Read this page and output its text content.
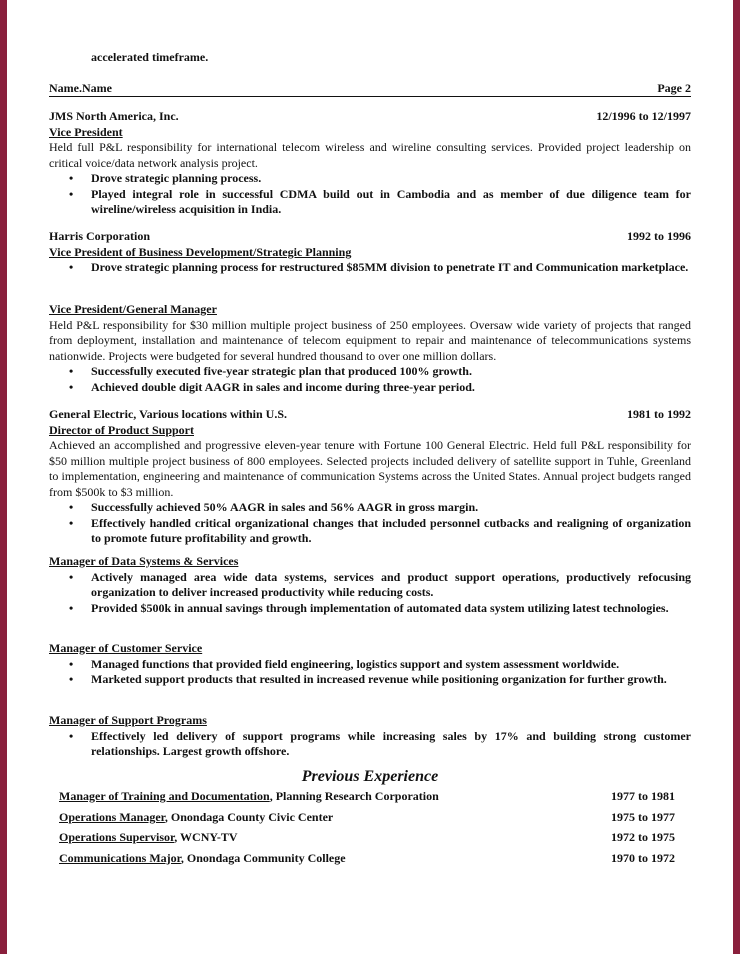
accelerated timeframe.
Name.Name	Page 2
JMS North America, Inc.	12/1996 to 12/1997
Vice President
Held full P&L responsibility for international telecom wireless and wireline consulting services. Provided project leadership on critical voice/data network analysis project.
• Drove strategic planning process.
• Played integral role in successful CDMA build out in Cambodia and as member of due diligence team for wireline/wireless acquisition in India.
Harris Corporation	1992 to 1996
Vice President of Business Development/Strategic Planning
• Drove strategic planning process for restructured $85MM division to penetrate IT and Communication marketplace.
Vice President/General Manager
Held P&L responsibility for $30 million multiple project business of 250 employees. Oversaw wide variety of projects that ranged from deployment, installation and maintenance of telecom equipment to repair and maintenance of telecommunications systems nationwide. Projects were budgeted for several hundred thousand to over one million dollars.
• Successfully executed five-year strategic plan that produced 100% growth.
• Achieved double digit AAGR in sales and income during three-year period.
General Electric, Various locations within U.S.	1981 to 1992
Director of Product Support
Achieved an accomplished and progressive eleven-year tenure with Fortune 100 General Electric. Held full P&L responsibility for $50 million multiple project business of 800 employees. Selected projects included delivery of satellite support in Tuhle, Greenland to implementation, engineering and maintenance of communication Systems across the United States. Annual project budgets ranged from $500k to $3 million.
• Successfully achieved 50% AAGR in sales and 56% AAGR in gross margin.
• Effectively handled critical organizational changes that included personnel cutbacks and realigning of organization to promote future profitability and growth.
Manager of Data Systems & Services
• Actively managed area wide data systems, services and product support operations, productively refocusing organization to deliver increased productivity while reducing costs.
• Provided $500k in annual savings through implementation of automated data system utilizing latest technologies.
Manager of Customer Service
• Managed functions that provided field engineering, logistics support and system assessment worldwide.
• Marketed support products that resulted in increased revenue while positioning organization for further growth.
Manager of Support Programs
• Effectively led delivery of support programs while increasing sales by 17% and building strong customer relationships. Largest growth offshore.
Previous Experience
Manager of Training and Documentation, Planning Research Corporation	1977 to 1981
Operations Manager, Onondaga County Civic Center	1975 to 1977
Operations Supervisor, WCNY-TV	1972 to 1975
Communications Major, Onondaga Community College	1970 to 1972
